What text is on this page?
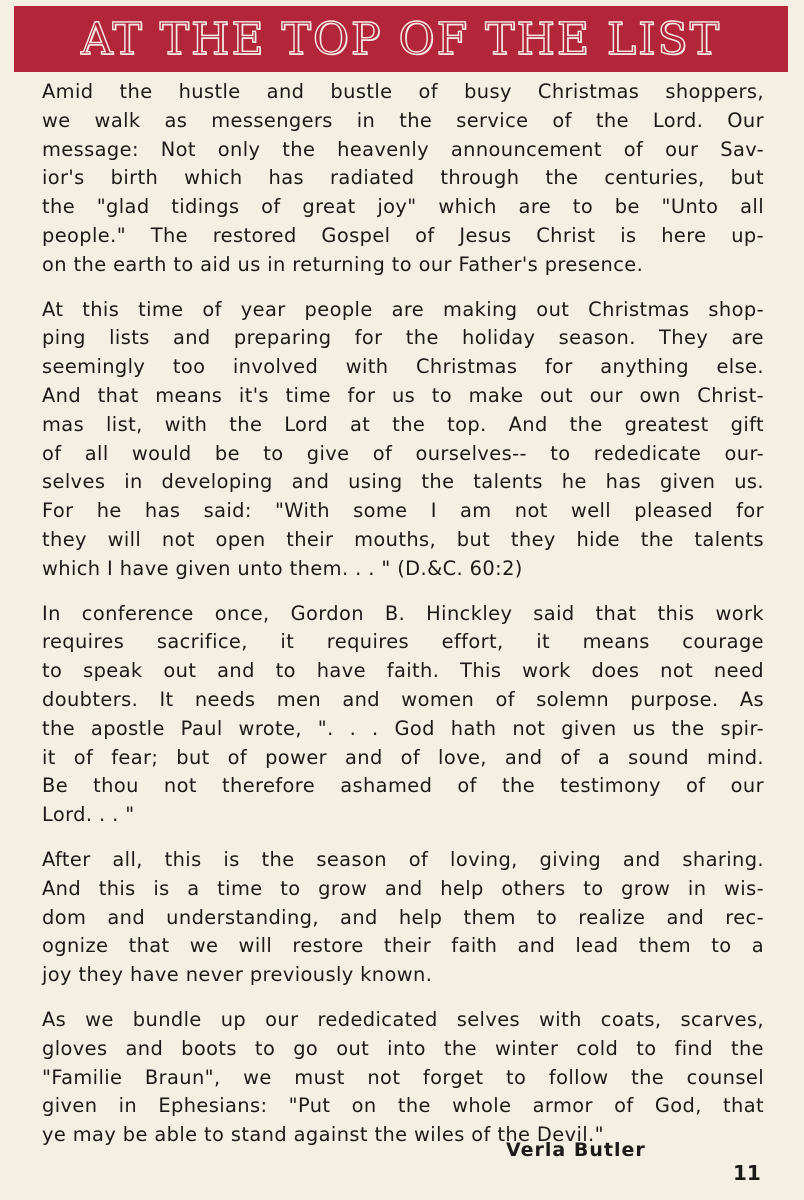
AT THE TOP OF THE LIST
Amid the hustle and bustle of busy Christmas shoppers,
we walk as messengers in the service of the Lord. Our
message: Not only the heavenly announcement of our Sav-
ior's birth which has radiated through the centuries, but
the "glad tidings of great joy" which are to be "Unto all
people." The restored Gospel of Jesus Christ is here up-
on the earth to aid us in returning to our Father's presence.
At this time of year people are making out Christmas shop-
ping lists and preparing for the holiday season. They are
seemingly too involved with Christmas for anything else.
And that means it's time for us to make out our own Christ-
mas list, with the Lord at the top. And the greatest gift
of all would be to give of ourselves-- to rededicate our-
selves in developing and using the talents he has given us.
For he has said: "With some I am not well pleased for
they will not open their mouths, but they hide the talents
which I have given unto them. . . " (D.&C. 60:2)
In conference once, Gordon B. Hinckley said that this work
requires sacrifice, it requires effort, it means courage
to speak out and to have faith. This work does not need
doubters. It needs men and women of solemn purpose. As
the apostle Paul wrote, ". . . God hath not given us the spir-
it of fear; but of power and of love, and of a sound mind.
Be thou not therefore ashamed of the testimony of our
Lord. . . "
After all, this is the season of loving, giving and sharing.
And this is a time to grow and help others to grow in wis-
dom and understanding, and help them to realize and rec-
ognize that we will restore their faith and lead them to a
joy they have never previously known.
As we bundle up our rededicated selves with coats, scarves,
gloves and boots to go out into the winter cold to find the
"Familie Braun", we must not forget to follow the counsel
given in Ephesians: "Put on the whole armor of God, that
ye may be able to stand against the wiles of the Devil."
Verla Butler
11
